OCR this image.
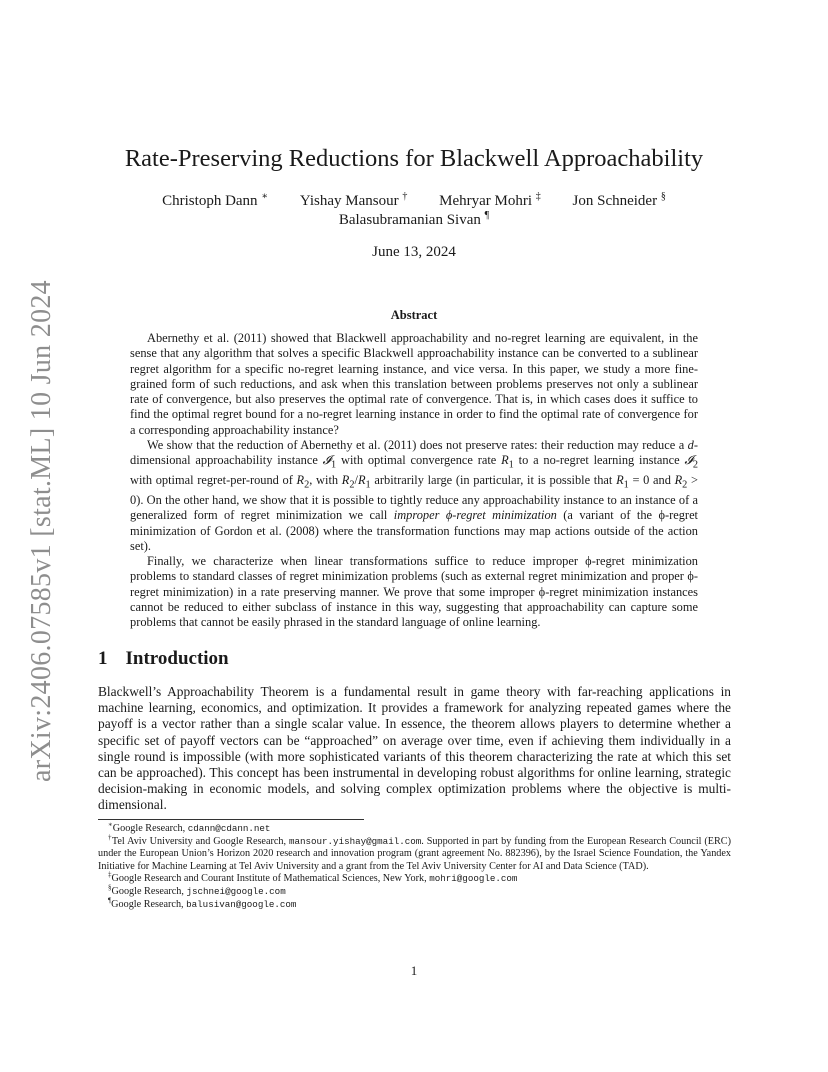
arXiv:2406.07585v1 [stat.ML] 10 Jun 2024
Rate-Preserving Reductions for Blackwell Approachability
Christoph Dann ∗ Yishay Mansour † Mehryar Mohri ‡ Jon Schneider §
Balasubramanian Sivan ¶
June 13, 2024
Abstract

Abernethy et al. (2011) showed that Blackwell approachability and no-regret learning are equivalent, in the sense that any algorithm that solves a specific Blackwell approachability instance can be converted to a sublinear regret algorithm for a specific no-regret learning instance, and vice versa. In this paper, we study a more fine-grained form of such reductions, and ask when this translation between problems preserves not only a sublinear rate of convergence, but also preserves the optimal rate of convergence. That is, in which cases does it suffice to find the optimal regret bound for a no-regret learning instance in order to find the optimal rate of convergence for a corresponding approachability instance?

We show that the reduction of Abernethy et al. (2011) does not preserve rates: their reduction may reduce a d-dimensional approachability instance 𝓘$_1$ with optimal convergence rate $R_1$ to a no-regret learning instance 𝓘$_2$ with optimal regret-per-round of $R_2$, with $R_2/R_1$ arbitrarily large (in particular, it is possible that $R_1 = 0$ and $R_2 > 0$). On the other hand, we show that it is possible to tightly reduce any approachability instance to an instance of a generalized form of regret minimization we call improper ϕ-regret minimization (a variant of the ϕ-regret minimization of Gordon et al. (2008) where the transformation functions may map actions outside of the action set).

Finally, we characterize when linear transformations suffice to reduce improper ϕ-regret minimization problems to standard classes of regret minimization problems (such as external regret minimization and proper ϕ-regret minimization) in a rate preserving manner. We prove that some improper ϕ-regret minimization instances cannot be reduced to either subclass of instance in this way, suggesting that approachability can capture some problems that cannot be easily phrased in the standard language of online learning.

1 Introduction

Blackwell’s Approachability Theorem is a fundamental result in game theory with far-reaching applications in machine learning, economics, and optimization. It provides a framework for analyzing repeated games where the payoff is a vector rather than a single scalar value. In essence, the theorem allows players to determine whether a specific set of payoff vectors can be “approached” on average over time, even if achieving them individually in a single round is impossible (with more sophisticated variants of this theorem characterizing the rate at which this set can be approached). This concept has been instrumental in developing robust algorithms for online learning, strategic decision-making in economic models, and solving complex optimization problems where the objective is multi-dimensional.

∗Google Research, cdann@cdann.net

†Tel Aviv University and Google Research, mansour.yishay@gmail.com. Supported in part by funding from the European Research Council (ERC) under the European Union’s Horizon 2020 research and innovation program (grant agreement No. 882396), by the Israel Science Foundation, the Yandex Initiative for Machine Learning at Tel Aviv University and a grant from the Tel Aviv University Center for AI and Data Science (TAD).

‡Google Research and Courant Institute of Mathematical Sciences, New York, mohri@google.com

§Google Research, jschnei@google.com

¶Google Research, balusivan@google.com

1
